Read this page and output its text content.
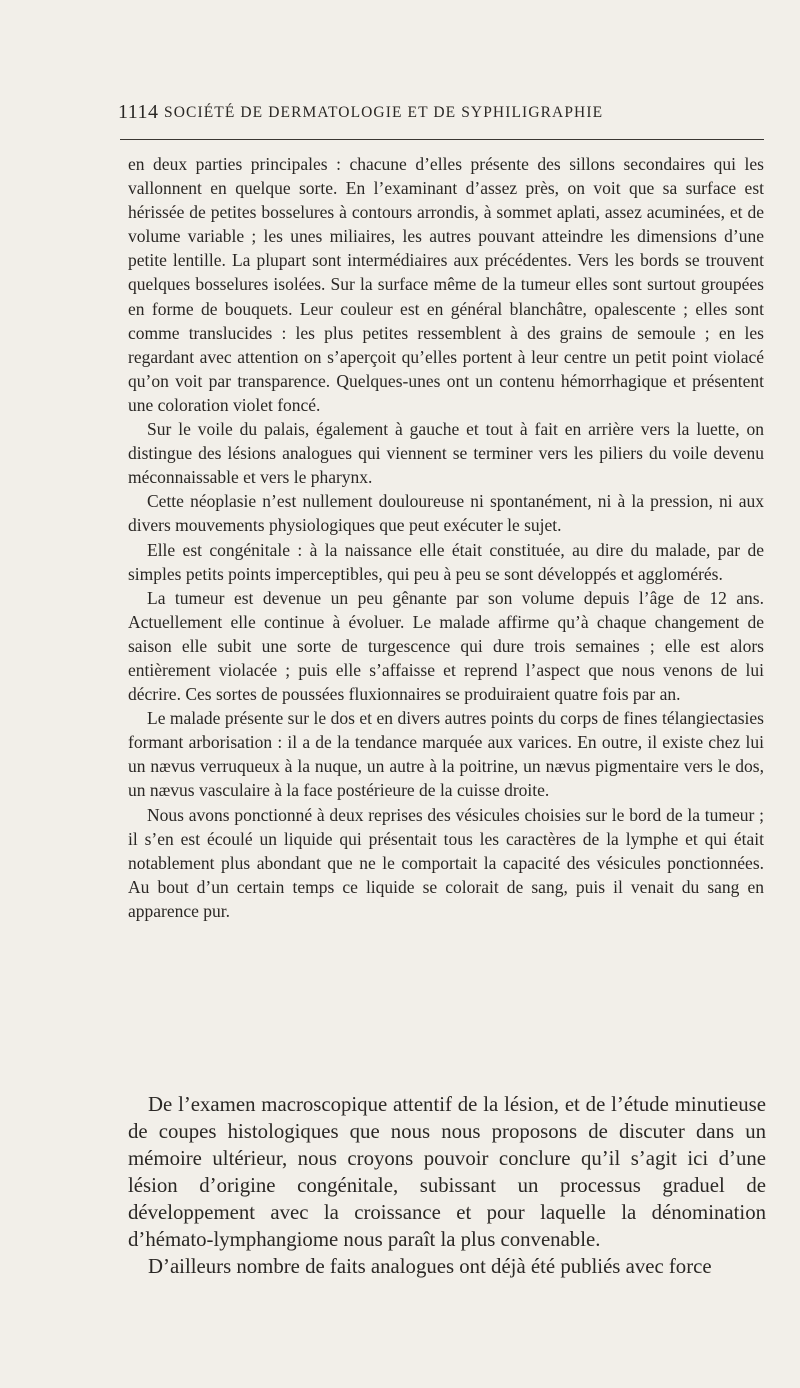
1114 SOCIÉTÉ DE DERMATOLOGIE ET DE SYPHILIGRAPHIE

en deux parties principales : chacune d’elles présente des sillons secondaires qui les vallonnent en quelque sorte. En l’examinant d’assez près, on voit que sa surface est hérissée de petites bosselures à contours arrondis, à sommet aplati, assez acuminées, et de volume variable ; les unes miliaires, les autres pouvant atteindre les dimensions d’une petite lentille. La plupart sont intermédiaires aux précédentes. Vers les bords se trouvent quelques bosselures isolées. Sur la surface même de la tumeur elles sont surtout groupées en forme de bouquets. Leur couleur est en général blanchâtre, opalescente ; elles sont comme translucides : les plus petites ressemblent à des grains de semoule ; en les regardant avec attention on s’aperçoit qu’elles portent à leur centre un petit point violacé qu’on voit par transparence. Quelques-unes ont un contenu hémorrhagique et présentent une coloration violet foncé.

Sur le voile du palais, également à gauche et tout à fait en arrière vers la luette, on distingue des lésions analogues qui viennent se terminer vers les piliers du voile devenu méconnaissable et vers le pharynx.

Cette néoplasie n’est nullement douloureuse ni spontanément, ni à la pression, ni aux divers mouvements physiologiques que peut exécuter le sujet.

Elle est congénitale : à la naissance elle était constituée, au dire du malade, par de simples petits points imperceptibles, qui peu à peu se sont développés et agglomérés.

La tumeur est devenue un peu gênante par son volume depuis l’âge de 12 ans. Actuellement elle continue à évoluer. Le malade affirme qu’à chaque changement de saison elle subit une sorte de turgescence qui dure trois semaines ; elle est alors entièrement violacée ; puis elle s’affaisse et reprend l’aspect que nous venons de lui décrire. Ces sortes de poussées fluxionnaires se produiraient quatre fois par an.

Le malade présente sur le dos et en divers autres points du corps de fines télangiectasies formant arborisation : il a de la tendance marquée aux varices. En outre, il existe chez lui un nævus verruqueux à la nuque, un autre à la poitrine, un nævus pigmentaire vers le dos, un nævus vasculaire à la face postérieure de la cuisse droite.

Nous avons ponctionné à deux reprises des vésicules choisies sur le bord de la tumeur ; il s’en est écoulé un liquide qui présentait tous les caractères de la lymphe et qui était notablement plus abondant que ne le comportait la capacité des vésicules ponctionnées. Au bout d’un certain temps ce liquide se colorait de sang, puis il venait du sang en apparence pur.

De l’examen macroscopique attentif de la lésion, et de l’étude minutieuse de coupes histologiques que nous nous proposons de discuter dans un mémoire ultérieur, nous croyons pouvoir conclure qu’il s’agit ici d’une lésion d’origine congénitale, subissant un processus graduel de développement avec la croissance et pour laquelle la dénomination d’hémato-lymphangiome nous paraît la plus convenable.

D’ailleurs nombre de faits analogues ont déjà été publiés avec force
